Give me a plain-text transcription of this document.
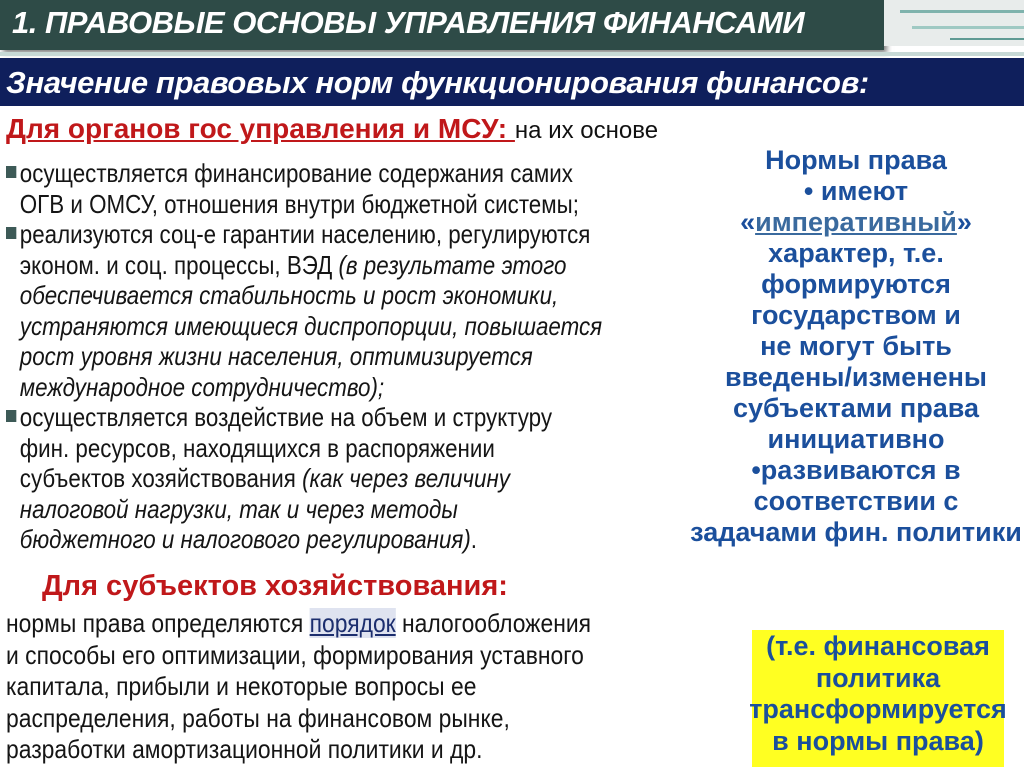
1. ПРАВОВЫЕ ОСНОВЫ УПРАВЛЕНИЯ ФИНАНСАМИ
Значение правовых норм функционирования финансов:
Для органов гос управления и МСУ: на их основе
осуществляется финансирование содержания самих
ОГВ и ОМСУ, отношения внутри бюджетной системы;
реализуются соц-е гарантии населению, регулируются
эконом. и соц. процессы, ВЭД (в результате этого
обеспечивается стабильность и рост экономики,
устраняются имеющиеся диспропорции, повышается
рост уровня жизни населения, оптимизируется
международное сотрудничество);
осуществляется воздействие на объем и структуру
фин. ресурсов, находящихся в распоряжении
субъектов хозяйствования (как через величину
налоговой нагрузки, так и через методы
бюджетного и налогового регулирования).
Для субъектов хозяйствования:
нормы права определяются порядок налогообложения
и способы его оптимизации, формирования уставного
капитала, прибыли и некоторые вопросы ее
распределения, работы на финансовом рынке,
разработки амортизационной политики и др.
Нормы права
• имеют
«императивный»
характер, т.е.
формируются
государством и
не могут быть
введены/изменены
субъектами права
инициативно
•развиваются в
соответствии с
задачами фин. политики
(т.е. финансовая
политика
трансформируется
в нормы права)
